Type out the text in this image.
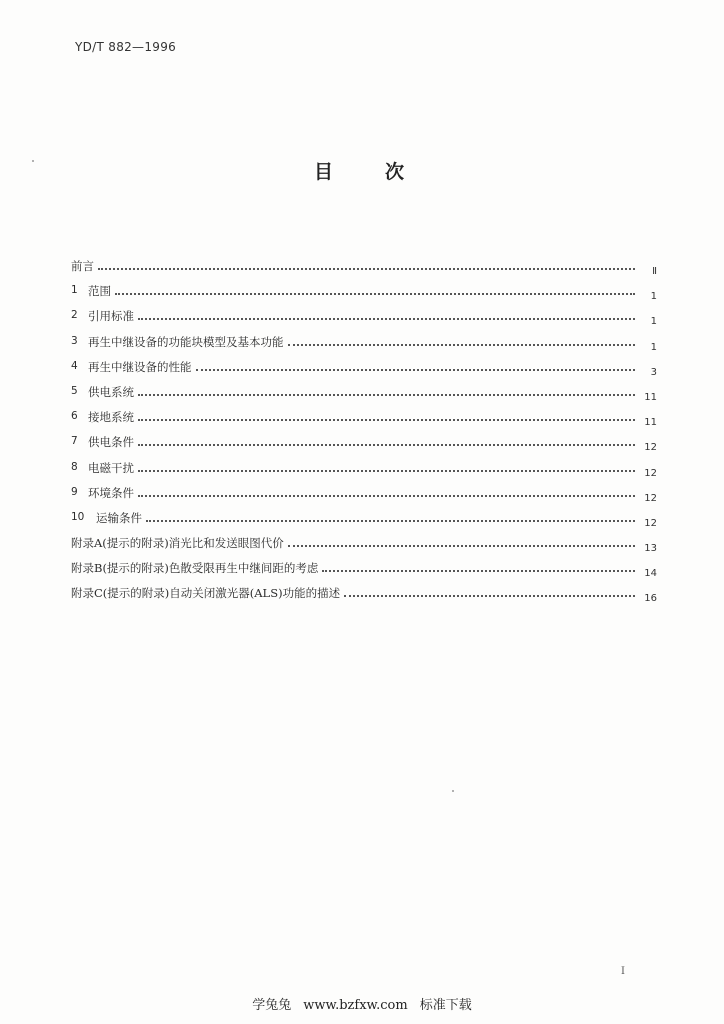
YD/T 882—1996
目	次
前言	Ⅱ
1 范围	1
2 引用标准	1
3 再生中继设备的功能块模型及基本功能	1
4 再生中继设备的性能	3
5 供电系统	11
6 接地系统	11
7 供电条件	12
8 电磁干扰	12
9 环境条件	12
10	运输条件	12
附录A(提示的附录)消光比和发送眼图代价	13
附录B(提示的附录)色散受限再生中继间距的考虑	14
附录C(提示的附录)自动关闭激光器(ALS)功能的描述	16
I
学兔兔 www.bzfxw.com 标准下载
